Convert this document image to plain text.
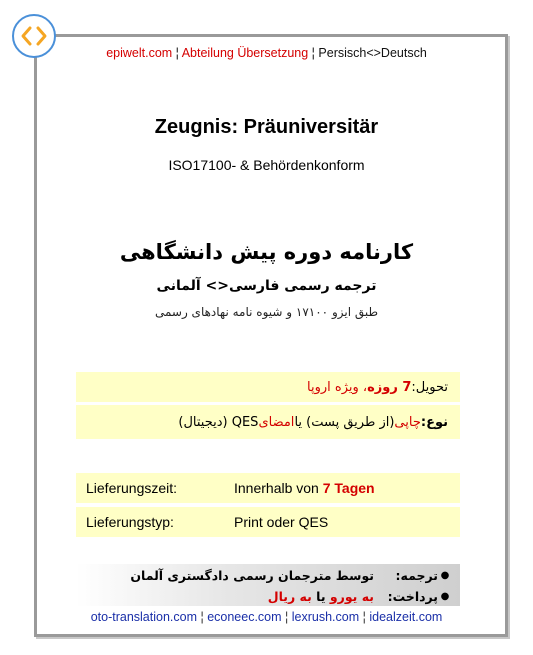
epiwelt.com ¦ Abteilung Übersetzung ¦ Persisch<>Deutsch
Zeugnis: Präuniversitär
ISO17100- & Behördenkonform
کارنامه دوره پیش دانشگاهی
ترجمه رسمی فارسی<> آلمانی
طبق ایزو ۱۷۱۰۰ و شیوه نامه نهادهای رسمی
تحویل:
7 روزه
، ویژه اروپا
نوع:
چاپی
(از طریق پست) یا
امضای
QES (دیجیتال)
Lieferungszeit:	Innerhalb von 7 Tagen
Lieferungstyp:	Print oder QES
●
ترجمه:
توسط مترجمان رسمی دادگستری آلمان
●
پرداخت:
به یورو یا به ریال
oto-translation.com ¦ econeec.com ¦ lexrush.com ¦ idealzeit.com
